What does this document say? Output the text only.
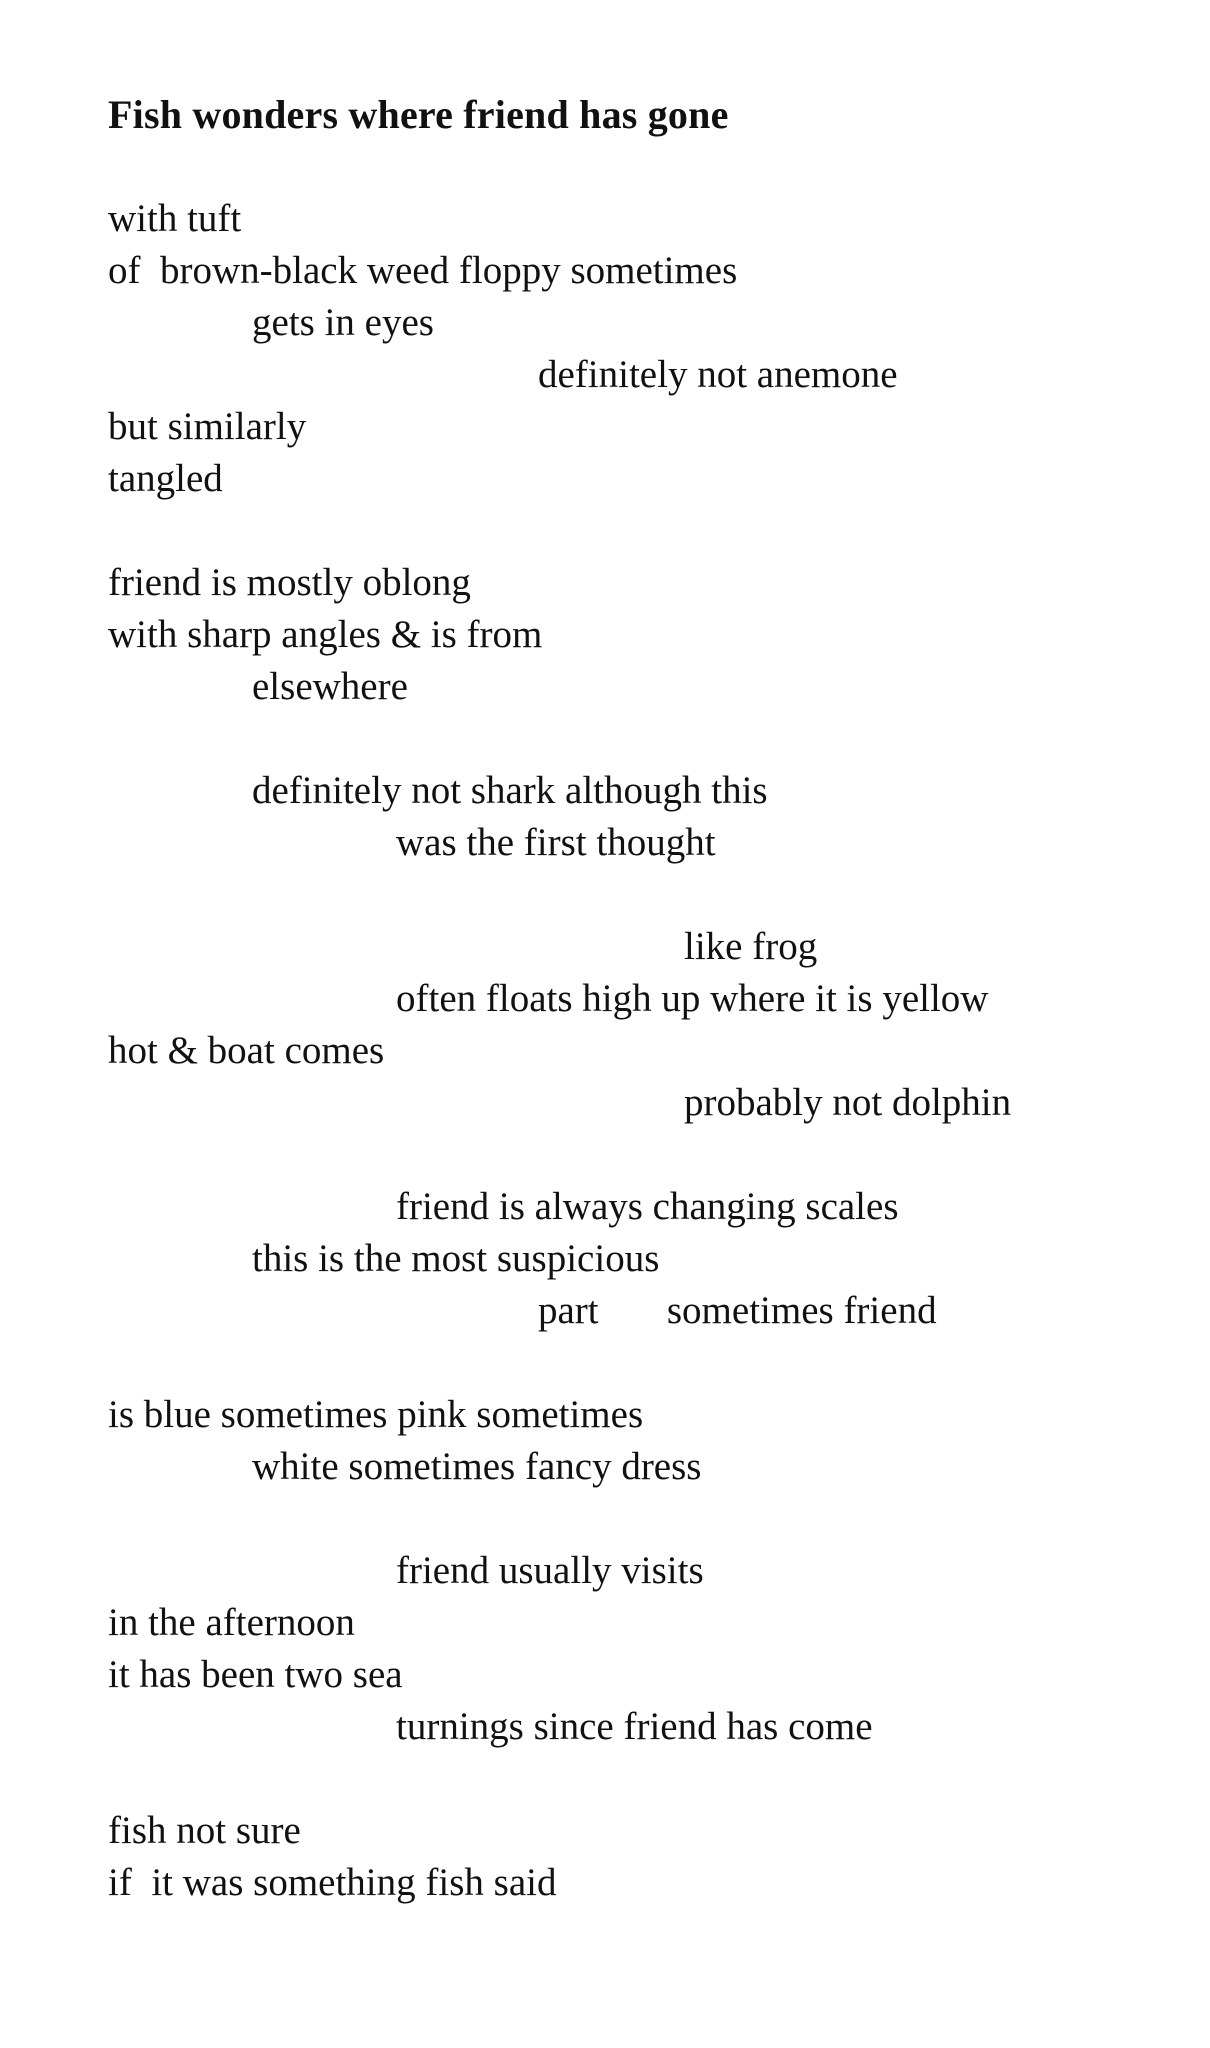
Fish wonders where friend has gone
with tuft
of  brown-black weed floppy sometimes
gets in eyes
definitely not anemone
but similarly
tangled

friend is mostly oblong
with sharp angles & is from
elsewhere

definitely not shark although this
was the first thought

like frog
often floats high up where it is yellow
hot & boat comes
probably not dolphin

friend is always changing scales
this is the most suspicious
part       sometimes friend

is blue sometimes pink sometimes
white sometimes fancy dress

friend usually visits
in the afternoon
it has been two sea
turnings since friend has come

fish not sure
if  it was something fish said
